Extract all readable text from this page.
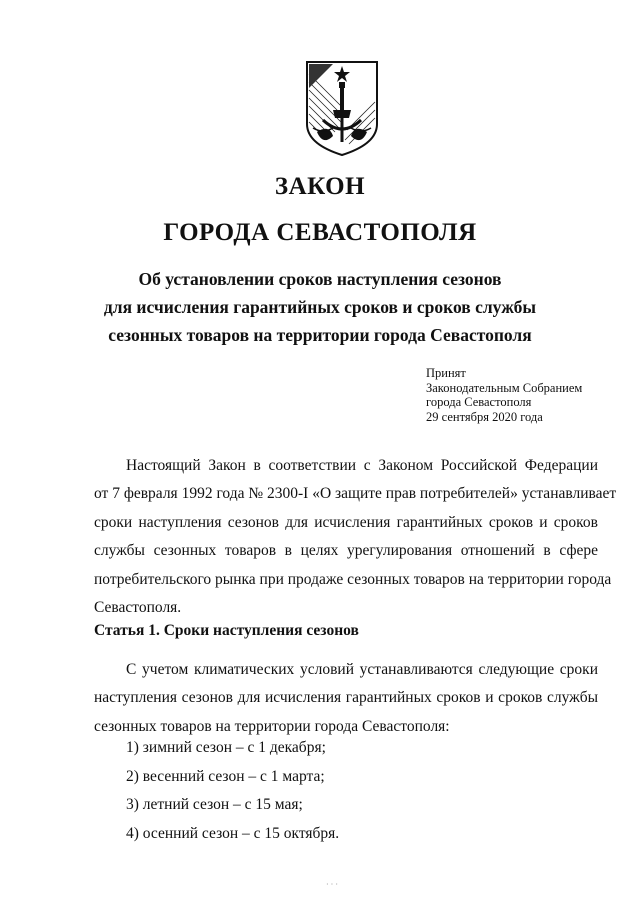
ЗАКОН
ГОРОДА СЕВАСТОПОЛЯ
Об установлении сроков наступления сезонов
для исчисления гарантийных сроков и сроков службы
сезонных товаров на территории города Севастополя
Принят
Законодательным Собранием
города Севастополя
29 сентября 2020 года
Настоящий Закон в соответствии с Законом Российской Федерации
от 7 февраля 1992 года № 2300-I «О защите прав потребителей» устанавливает
сроки наступления сезонов для исчисления гарантийных сроков и сроков
службы сезонных товаров в целях урегулирования отношений в сфере
потребительского рынка при продаже сезонных товаров на территории города
Севастополя.
Статья 1. Сроки наступления сезонов
С учетом климатических условий устанавливаются следующие сроки
наступления сезонов для исчисления гарантийных сроков и сроков службы
сезонных товаров на территории города Севастополя:
1) зимний сезон – с 1 декабря;
2) весенний сезон – с 1 марта;
3) летний сезон – с 15 мая;
4) осенний сезон – с 15 октября.
· · ·
